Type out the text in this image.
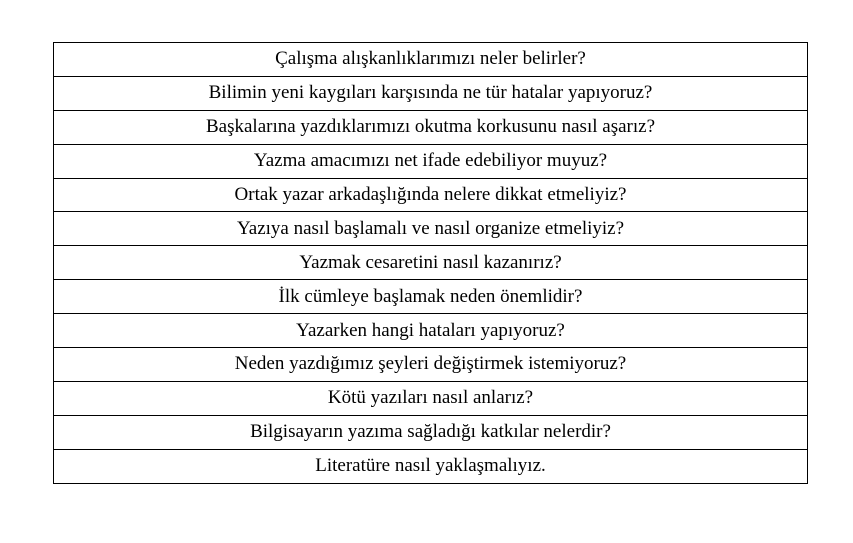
Çalışma alışkanlıklarımızı neler belirler?
Bilimin yeni kaygıları karşısında ne tür hatalar yapıyoruz?
Başkalarına yazdıklarımızı okutma korkusunu nasıl aşarız?
Yazma amacımızı net ifade edebiliyor muyuz?
Ortak yazar arkadaşlığında nelere dikkat etmeliyiz?
Yazıya nasıl başlamalı ve nasıl organize etmeliyiz?
Yazmak cesaretini nasıl kazanırız?
İlk cümleye başlamak neden önemlidir?
Yazarken hangi hataları yapıyoruz?
Neden yazdığımız şeyleri değiştirmek istemiyoruz?
Kötü yazıları nasıl anlarız?
Bilgisayarın yazıma sağladığı katkılar nelerdir?
Literatüre nasıl yaklaşmalıyız.
